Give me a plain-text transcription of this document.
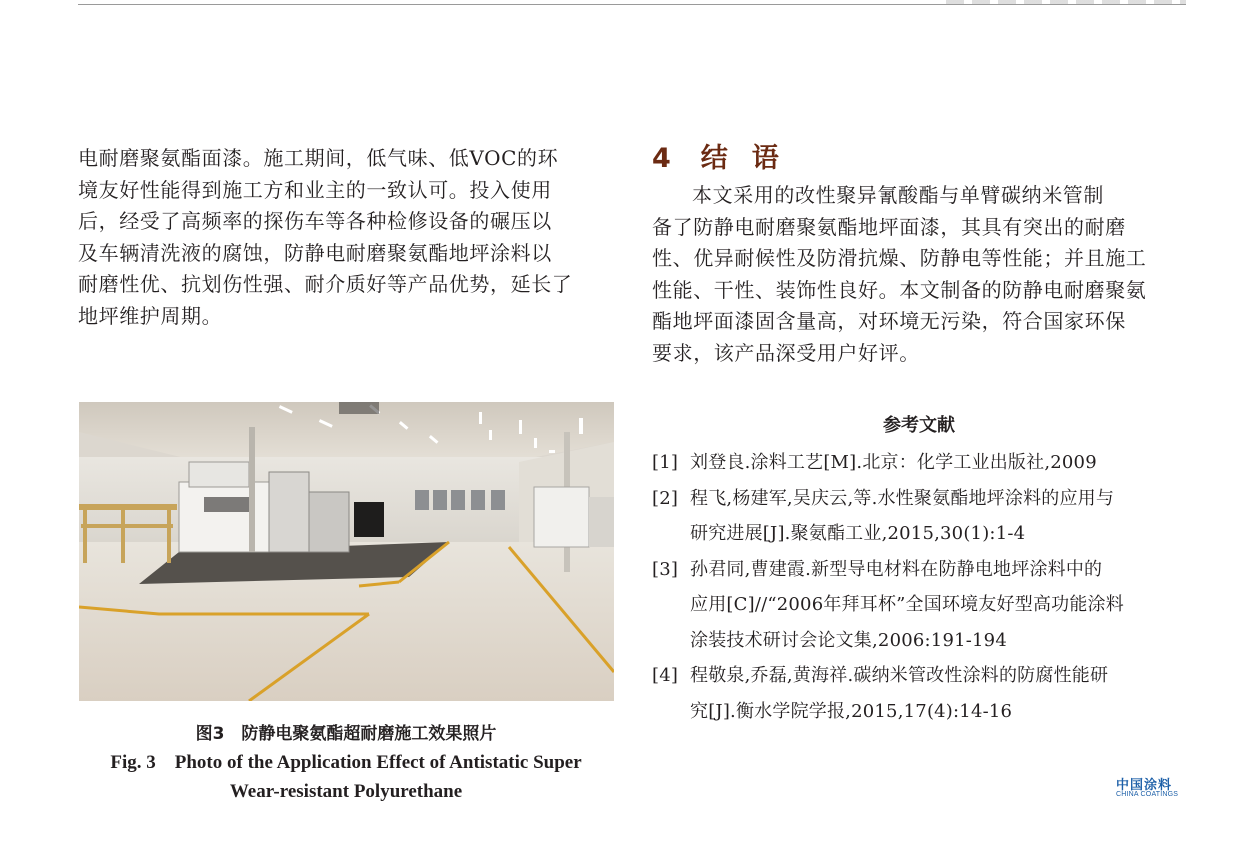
电耐磨聚氨酯面漆。施工期间，低气味、低VOC的环
境友好性能得到施工方和业主的一致认可。投入使用
后，经受了高频率的探伤车等各种检修设备的碾压以
及车辆清洗液的腐蚀，防静电耐磨聚氨酯地坪涂料以
耐磨性优、抗划伤性强、耐介质好等产品优势，延长了
地坪维护周期。

图3　防静电聚氨酯超耐磨施工效果照片
Fig. 3　Photo of the Application Effect of Antistatic Super
Wear-resistant Polyurethane
4 结 语

本文采用的改性聚异氰酸酯与单臂碳纳米管制
备了防静电耐磨聚氨酯地坪面漆，其具有突出的耐磨
性、优异耐候性及防滑抗燥、防静电等性能；并且施工
性能、干性、装饰性良好。本文制备的防静电耐磨聚氨
酯地坪面漆固含量高，对环境无污染，符合国家环保
要求，该产品深受用户好评。

参考文献
[1] 刘登良.涂料工艺[M].北京：化学工业出版社,2009
[2] 程飞,杨建军,吴庆云,等.水性聚氨酯地坪涂料的应用与
研究进展[J].聚氨酯工业,2015,30(1):1-4
[3] 孙君同,曹建霞.新型导电材料在防静电地坪涂料中的
应用[C]//“2006年拜耳杯”全国环境友好型高功能涂料
涂装技术研讨会论文集,2006:191-194
[4] 程敬泉,乔磊,黄海祥.碳纳米管改性涂料的防腐性能研
究[J].衡水学院学报,2015,17(4):14-16
中国涂料
CHINA COATINGS
